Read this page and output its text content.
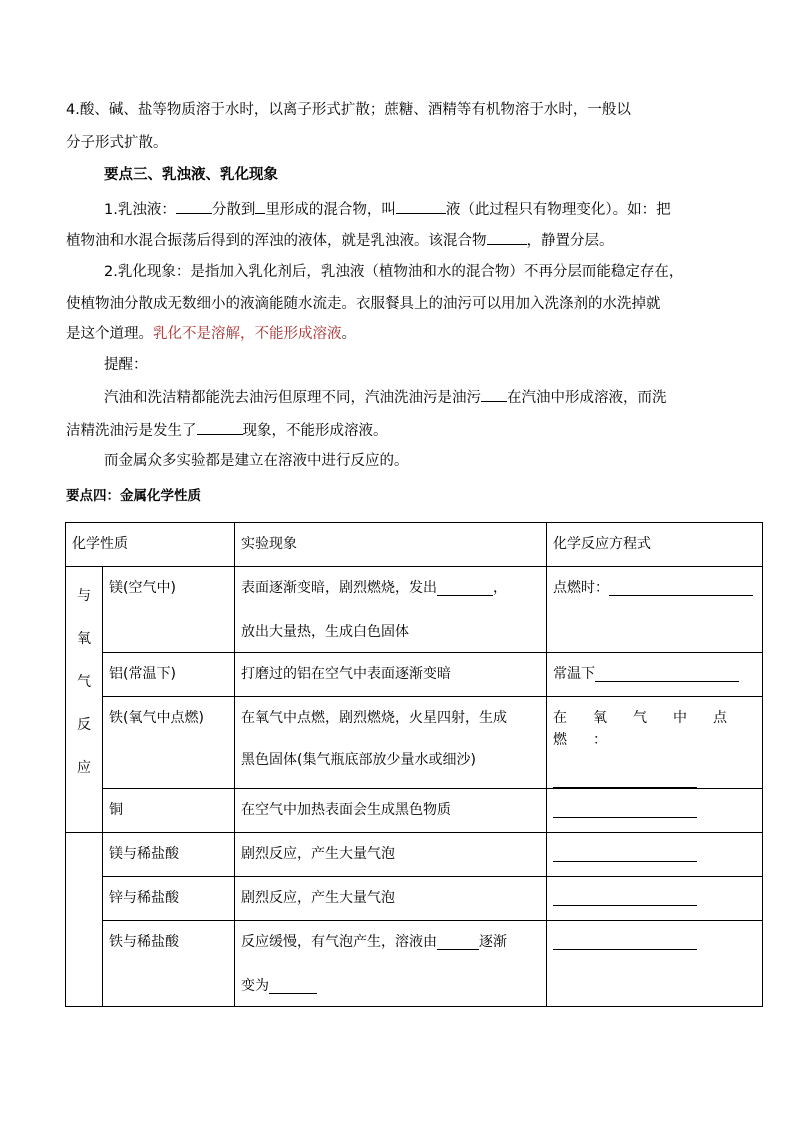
4.酸、碱、盐等物质溶于水时，以离子形式扩散；蔗糖、酒精等有机物溶于水时，一般以
分子形式扩散。
要点三、乳浊液、乳化现象
1.乳浊液： 分散到 里形成的混合物，叫	液（此过程只有物理变化）。如：把
植物油和水混合振荡后得到的浑浊的液体，就是乳浊液。该混合物	，静置分层。
2.乳化现象：是指加入乳化剂后，乳浊液（植物油和水的混合物）不再分层而能稳定存在，
使植物油分散成无数细小的液滴能随水流走。衣服餐具上的油污可以用加入洗涤剂的水洗掉就
是这个道理。乳化不是溶解，不能形成溶液。
提醒：
汽油和洗洁精都能洗去油污但原理不同，汽油洗油污是油污 在汽油中形成溶液，而洗
洁精洗油污是发生了	现象，不能形成溶液。
而金属众多实验都是建立在溶液中进行反应的。
要点四：金属化学性质
化学性质		实验现象	化学反应方程式

与
氧
气
反
应	镁(空气中)	表面逐渐变暗，剧烈燃烧，发出 ，
放出大量热，生成白色固体	点燃时：

	铝(常温下)	打磨过的铝在空气中表面逐渐变暗	常温下

	铁(氧气中点燃)	在氧气中点燃，剧烈燃烧，火星四射，生成
黑色固体(集气瓶底部放少量水或细沙)	在氧气中点燃：

	铜	在空气中加热表面会生成黑色物质	

	镁与稀盐酸	剧烈反应，产生大量气泡	

	锌与稀盐酸	剧烈反应，产生大量气泡	

	铁与稀盐酸	反应缓慢，有气泡产生，溶液由 逐渐
变为	
